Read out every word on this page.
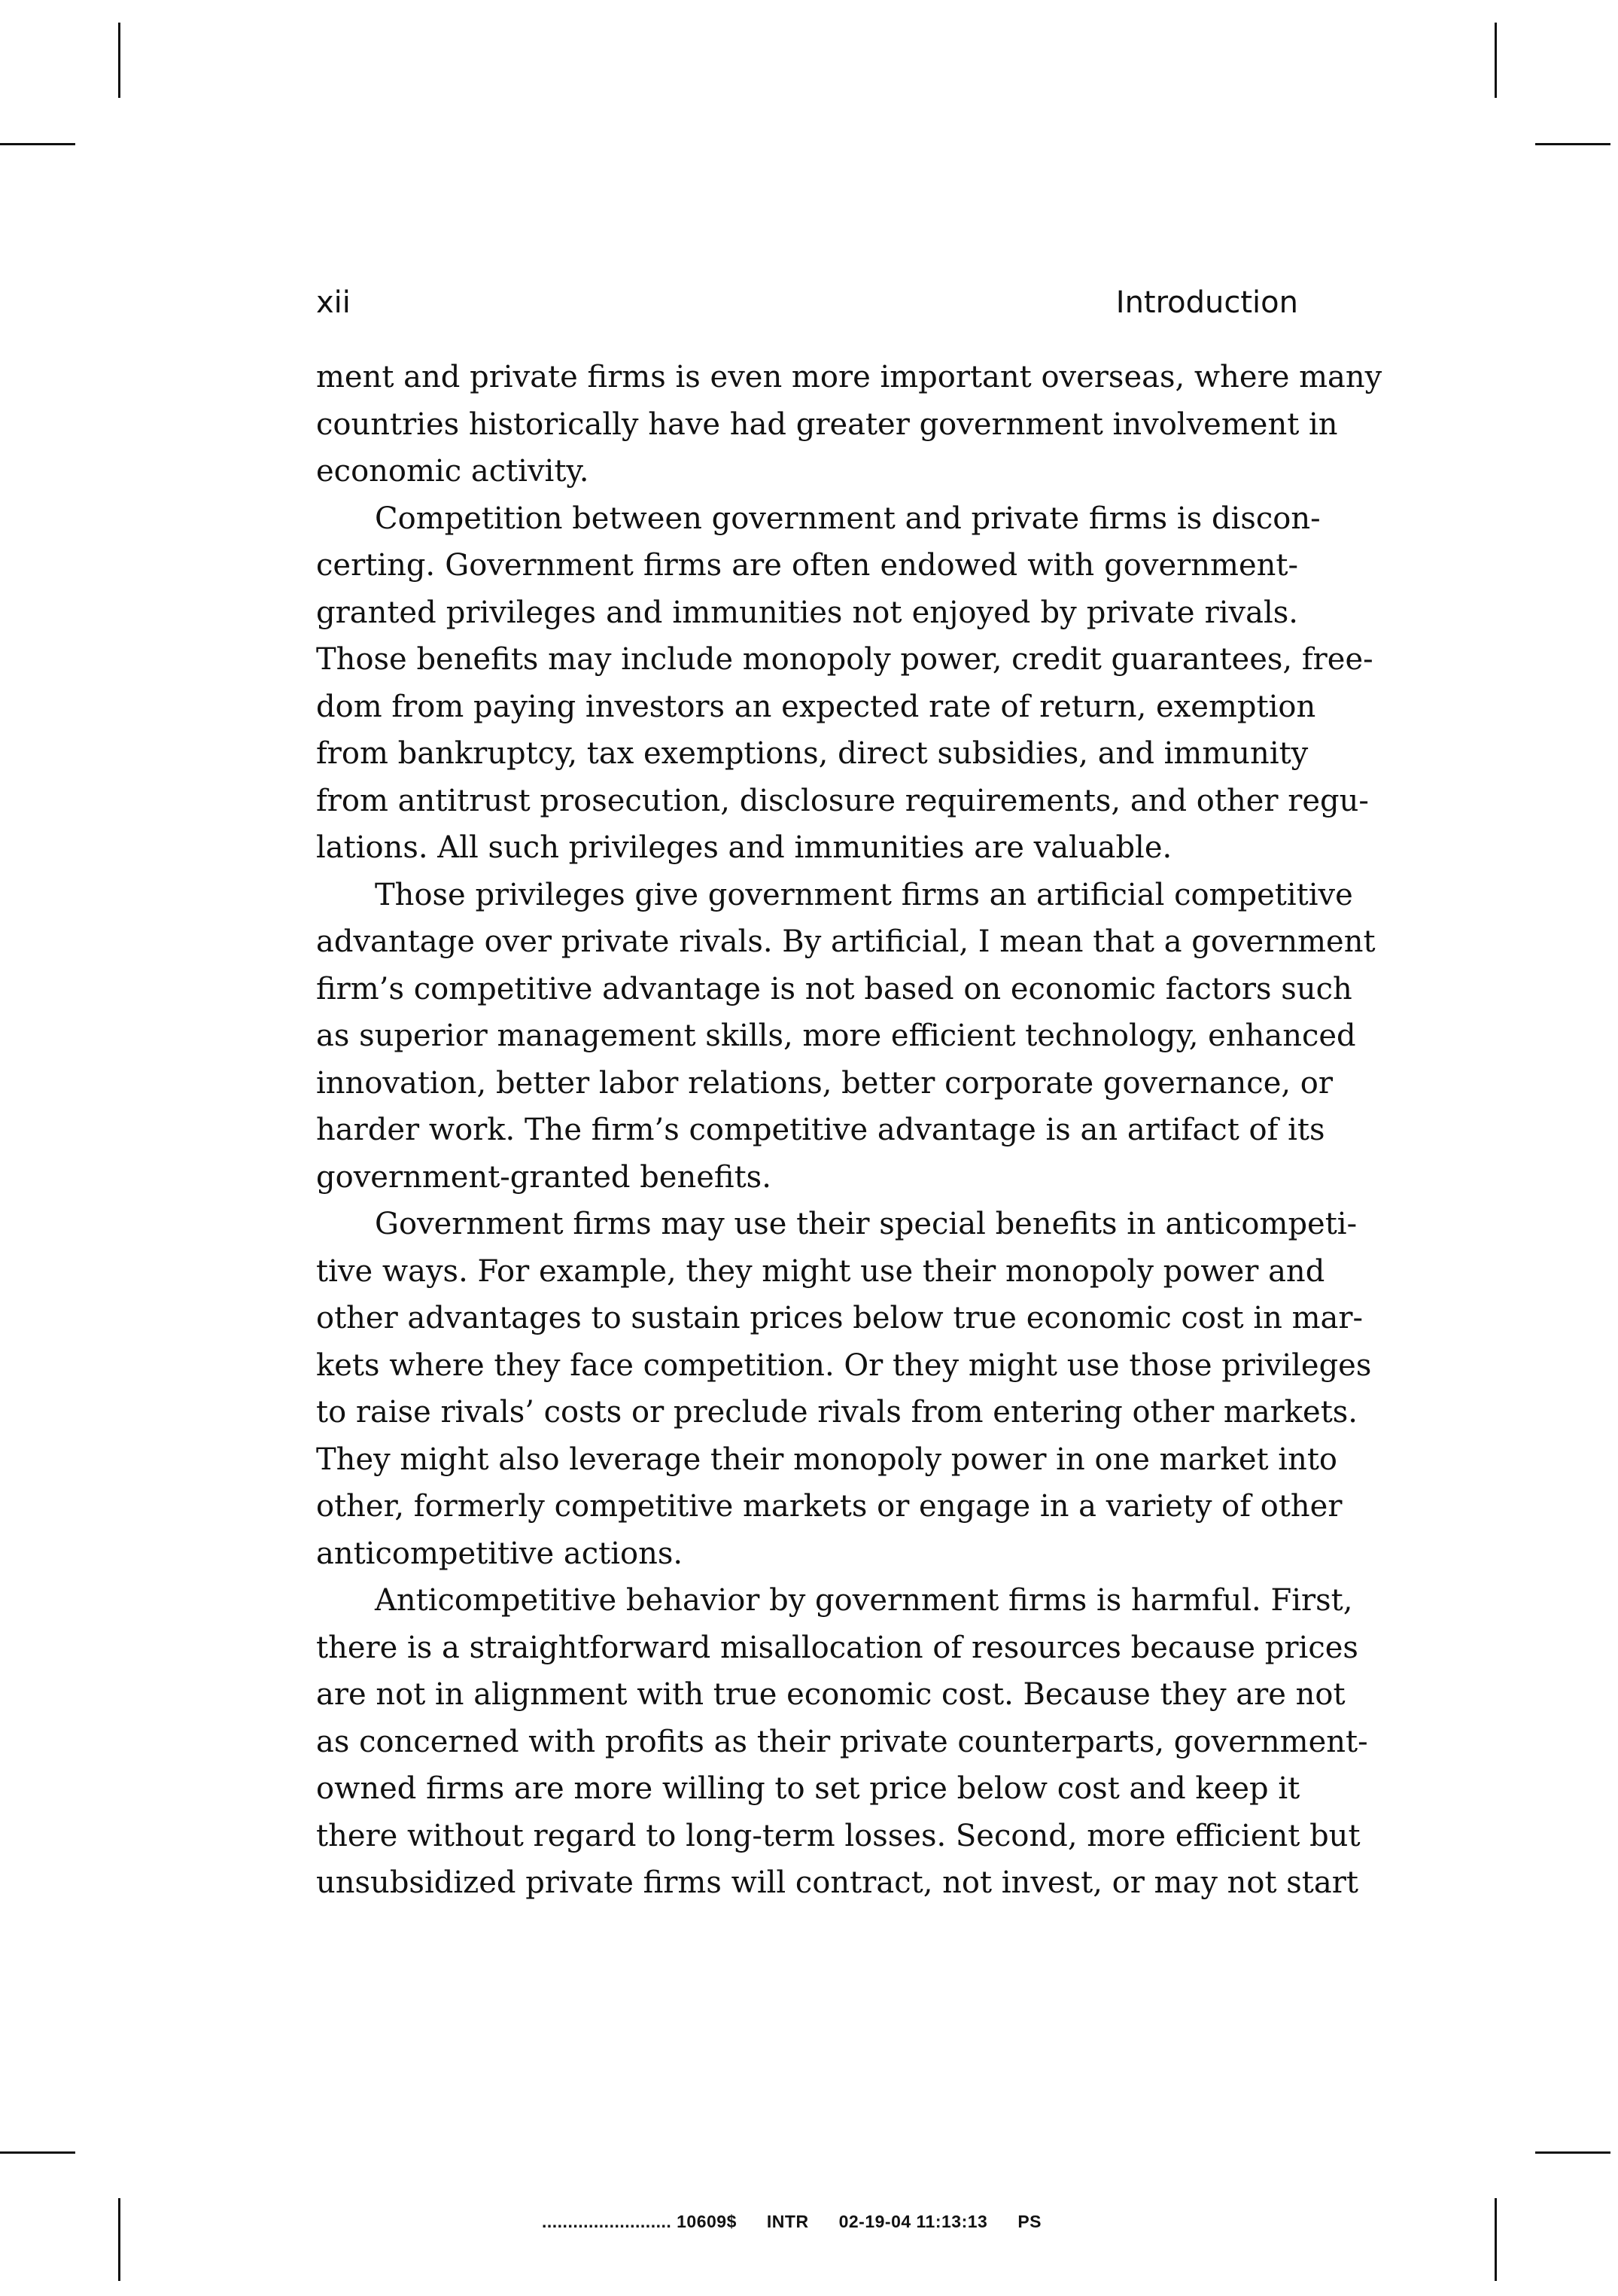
xii	Introduction
ment and private firms is even more important overseas, where many
countries historically have had greater government involvement in
economic activity.
Competition between government and private firms is discon-
certing. Government firms are often endowed with government-
granted privileges and immunities not enjoyed by private rivals.
Those benefits may include monopoly power, credit guarantees, free-
dom from paying investors an expected rate of return, exemption
from bankruptcy, tax exemptions, direct subsidies, and immunity
from antitrust prosecution, disclosure requirements, and other regu-
lations. All such privileges and immunities are valuable.
Those privileges give government firms an artificial competitive
advantage over private rivals. By artificial, I mean that a government
firm’s competitive advantage is not based on economic factors such
as superior management skills, more efficient technology, enhanced
innovation, better labor relations, better corporate governance, or
harder work. The firm’s competitive advantage is an artifact of its
government-granted benefits.
Government firms may use their special benefits in anticompeti-
tive ways. For example, they might use their monopoly power and
other advantages to sustain prices below true economic cost in mar-
kets where they face competition. Or they might use those privileges
to raise rivals’ costs or preclude rivals from entering other markets.
They might also leverage their monopoly power in one market into
other, formerly competitive markets or engage in a variety of other
anticompetitive actions.
Anticompetitive behavior by government firms is harmful. First,
there is a straightforward misallocation of resources because prices
are not in alignment with true economic cost. Because they are not
as concerned with profits as their private counterparts, government-
owned firms are more willing to set price below cost and keep it
there without regard to long-term losses. Second, more efficient but
unsubsidized private firms will contract, not invest, or may not start
......................... 10609$ INTR 02-19-04 11:13:13 PS
